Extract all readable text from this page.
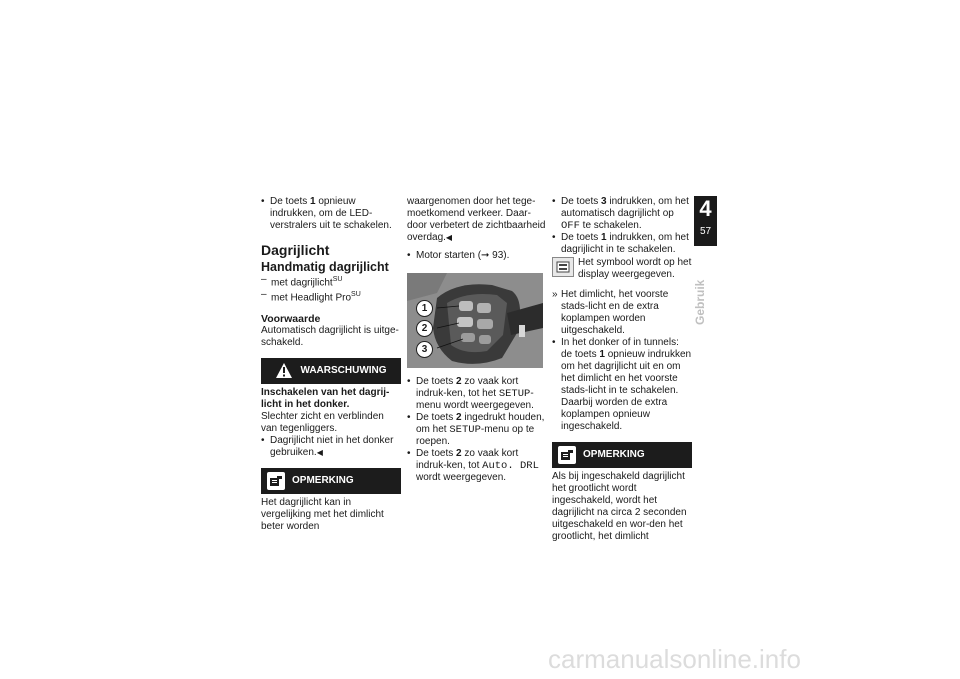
• De toets 1 opnieuw indrukken, om de LED-verstralers uit te schakelen.

Dagrijlicht

Handmatig dagrijlicht

– met dagrijlicht$^{SU}$

– met Headlight Pro$^{SU}$

Voorwaarde

Automatisch dagrijlicht is uitge-schakeld.

WAARSCHUWING

Inschakelen van het dagrij-licht in het donker.

Slechter zicht en verblinden van tegenliggers.

• Dagrijlicht niet in het donker gebruiken.◀

OPMERKING

Het dagrijlicht kan in vergelijking met het dimlicht beter worden

waargenomen door het tege-moetkomend verkeer. Daar-door verbetert de zichtbaarheid overdag.◀

• Motor starten (➞ 93).

1
2
3

• De toets 2 zo vaak kort indruk-ken, tot het SETUP-menu wordt weergegeven.

• De toets 2 ingedrukt houden, om het SETUP-menu op te roepen.

• De toets 2 zo vaak kort indruk-ken, tot Auto. DRL wordt weergegeven.

• De toets 3 indrukken, om het automatisch dagrijlicht op OFF te schakelen.

• De toets 1 indrukken, om het dagrijlicht in te schakelen.

Het symbool wordt op het display weergegeven.

» Het dimlicht, het voorste stads-licht en de extra koplampen worden uitgeschakeld.

• In het donker of in tunnels: de toets 1 opnieuw indrukken om het dagrijlicht uit en om het dimlicht en het voorste stads-licht in te schakelen. Daarbij worden de extra koplampen opnieuw ingeschakeld.

OPMERKING

Als bij ingeschakeld dagrijlicht het grootlicht wordt ingeschakeld, wordt het dagrijlicht na circa 2 seconden uitgeschakeld en wor-den het grootlicht, het dimlicht

4
57
Gebruik
carmanualsonline.info
